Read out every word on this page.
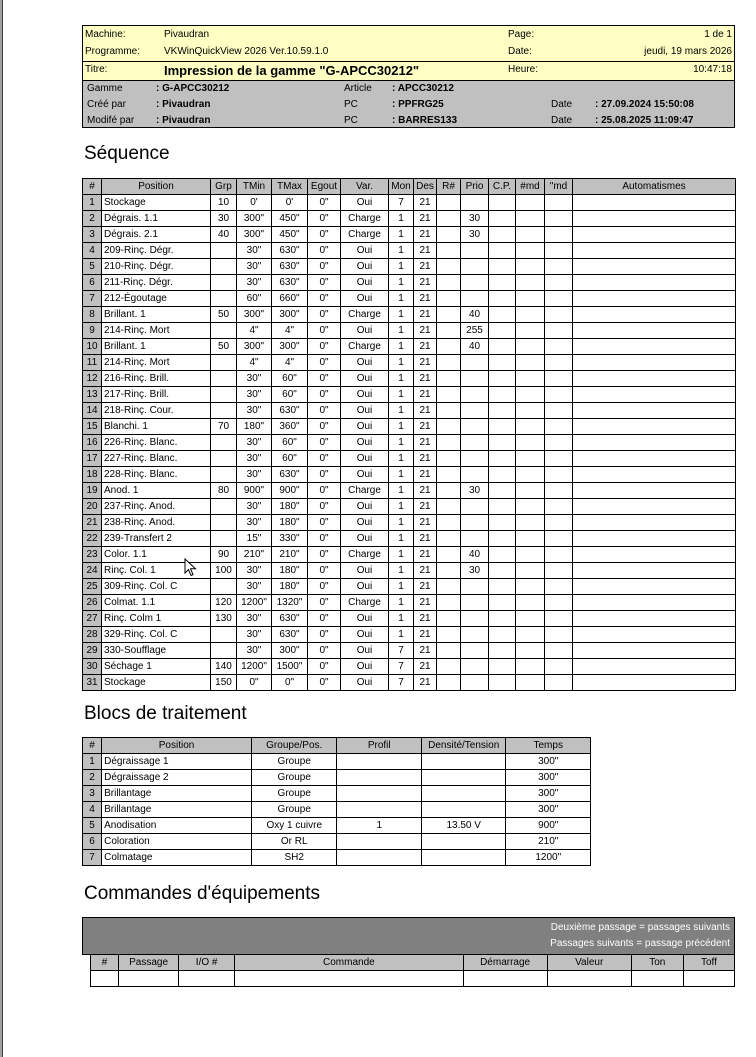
Machine:	Pivaudran	Page:	1 de 1
Programme: VKWinQuickView 2026 Ver.10.59.1.0	Date:	jeudi, 19 mars 2026
Titre:	Impression de la gamme "G-APCC30212"	Heure:	10:47:18
Gamme	: G-APCC30212	Article : APCC30212
Créé par	: Pivaudran	PC	: PPFRG25	Date : 27.09.2024 15:50:08
Modifé par : Pivaudran	PC	: BARRES133	Date : 25.08.2025 11:09:47
Séquence
#	Position	Grp	TMin	TMax	Egout	Var.	Mon	Des	R#	Prio	C.P.	#md	"md	Automatismes
1	Stockage	10	0'	0'	0"	Oui	7	21						
2	Dégrais. 1.1	30	300"	450"	0"	Charge	1	21		30				
3	Dégrais. 2.1	40	300"	450"	0"	Charge	1	21		30				
4	209-Rinç. Dégr.		30"	630"	0"	Oui	1	21						
5	210-Rinç. Dégr.		30"	630"	0"	Oui	1	21						
6	211-Rinç. Dégr.		30"	630"	0"	Oui	1	21						
7	212-Égoutage		60"	660"	0"	Oui	1	21						
8	Brillant. 1	50	300"	300"	0"	Charge	1	21		40				
9	214-Rinç. Mort		4"	4"	0"	Oui	1	21		255				
10	Brillant. 1	50	300"	300"	0"	Charge	1	21		40				
11	214-Rinç. Mort		4"	4"	0"	Oui	1	21						
12	216-Rinç. Brill.		30"	60"	0"	Oui	1	21						
13	217-Rinç. Brill.		30"	60"	0"	Oui	1	21						
14	218-Rinç. Cour.		30"	630"	0"	Oui	1	21						
15	Blanchi. 1	70	180"	360"	0"	Oui	1	21						
16	226-Rinç. Blanc.		30"	60"	0"	Oui	1	21						
17	227-Rinç. Blanc.		30"	60"	0"	Oui	1	21						
18	228-Rinç. Blanc.		30"	630"	0"	Oui	1	21						
19	Anod. 1	80	900"	900"	0"	Charge	1	21		30				
20	237-Rinç. Anod.		30"	180"	0"	Oui	1	21						
21	238-Rinç. Anod.		30"	180"	0"	Oui	1	21						
22	239-Transfert 2		15"	330"	0"	Oui	1	21						
23	Color. 1.1	90	210"	210"	0"	Charge	1	21		40				
24	Rinç. Col. 1	100	30"	180"	0"	Oui	1	21		30				
25	309-Rinç. Col. C		30"	180"	0"	Oui	1	21						
26	Colmat. 1.1	120	1200"	1320"	0"	Charge	1	21						
27	Rinç. Colm 1	130	30"	630"	0"	Oui	1	21						
28	329-Rinç. Col. C		30"	630"	0"	Oui	1	21						
29	330-Soufflage		30"	300"	0"	Oui	7	21						
30	Séchage 1	140	1200"	1500"	0"	Oui	7	21						
31	Stockage	150	0"	0"	0"	Oui	7	21						
Blocs de traitement
#	Position	Groupe/Pos.	Profil	Densité/Tension	Temps
1	Dégraissage 1	Groupe			300"
2	Dégraissage 2	Groupe			300"
3	Brillantage	Groupe			300"
4	Brillantage	Groupe			300"
5	Anodisation	Oxy 1 cuivre	1	13.50 V	900"
6	Coloration	Or RL			210"
7	Colmatage	SH2			1200"
Commandes d'équipements
Deuxième passage = passages suivants
Passages suivants = passage précédent
#	Passage	I/O #	Commande	Démarrage	Valeur	Ton	Toff
